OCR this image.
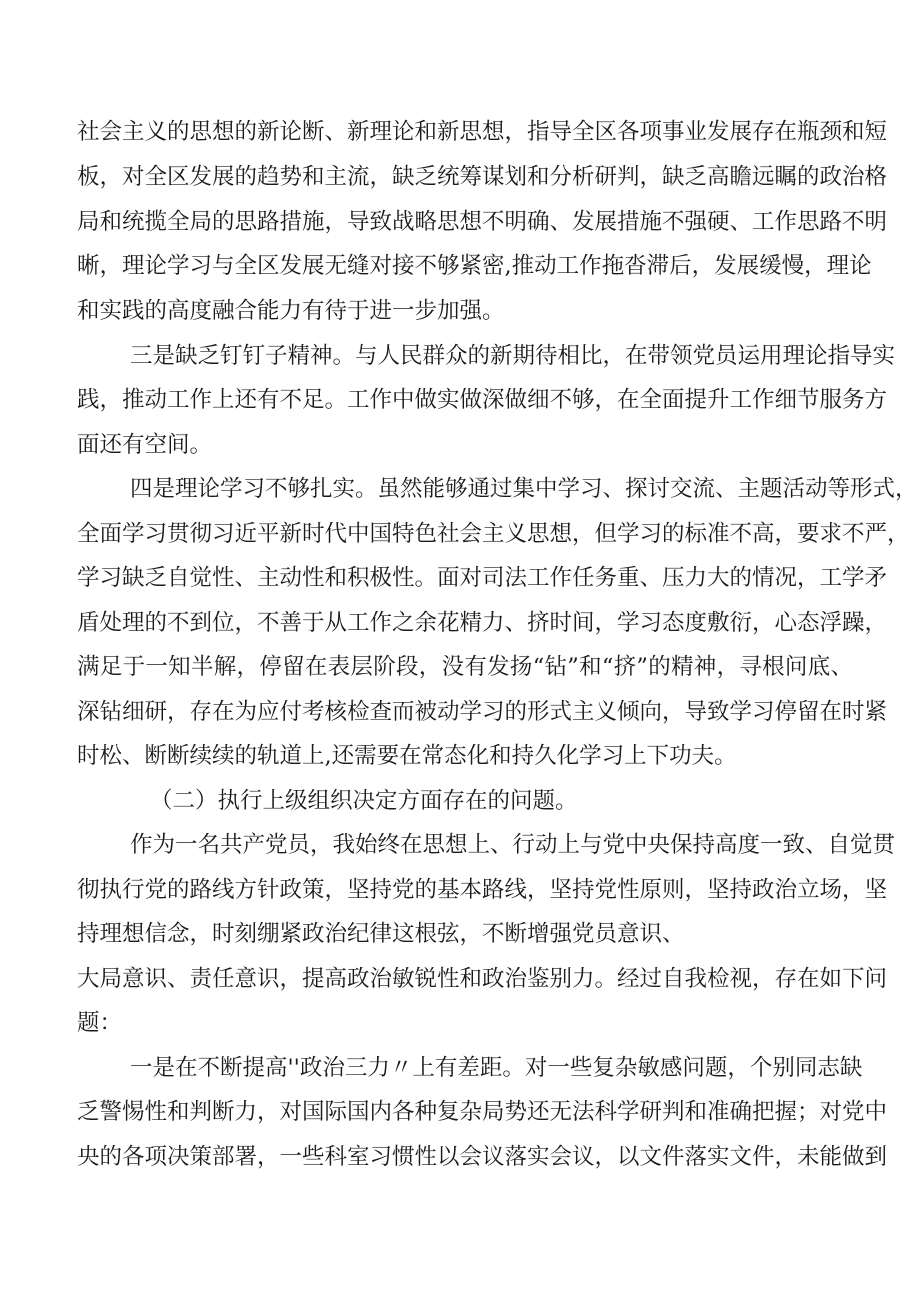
社会主义的思想的新论断、新理论和新思想，指导全区各项事业发展存在瓶颈和短
板，对全区发展的趋势和主流，缺乏统筹谋划和分析研判，缺乏高瞻远瞩的政治格
局和统揽全局的思路措施，导致战略思想不明确、发展措施不强硬、工作思路不明
晰，理论学习与全区发展无缝对接不够紧密,推动工作拖沓滞后，发展缓慢，理论
和实践的高度融合能力有待于进一步加强。
三是缺乏钉钉子精神。与人民群众的新期待相比，在带领党员运用理论指导实
践，推动工作上还有不足。工作中做实做深做细不够，在全面提升工作细节服务方
面还有空间。
四是理论学习不够扎实。虽然能够通过集中学习、探讨交流、主题活动等形式，
全面学习贯彻习近平新时代中国特色社会主义思想，但学习的标准不高，要求不严，
学习缺乏自觉性、主动性和积极性。面对司法工作任务重、压力大的情况，工学矛
盾处理的不到位，不善于从工作之余花精力、挤时间，学习态度敷衍，心态浮躁，
满足于一知半解，停留在表层阶段，没有发扬“钻”和“挤”的精神，寻根问底、
深钻细研，存在为应付考核检查而被动学习的形式主义倾向，导致学习停留在时紧
时松、断断续续的轨道上,还需要在常态化和持久化学习上下功夫。
（二）执行上级组织决定方面存在的问题。
作为一名共产党员，我始终在思想上、行动上与党中央保持高度一致、自觉贯
彻执行党的路线方针政策，坚持党的基本路线，坚持党性原则，坚持政治立场，坚
持理想信念，时刻绷紧政治纪律这根弦，不断增强党员意识、
大局意识、责任意识，提高政治敏锐性和政治鉴别力。经过自我检视，存在如下问
题：
一是在不断提高''政治三力〃上有差距。对一些复杂敏感问题，个别同志缺
乏警惕性和判断力，对国际国内各种复杂局势还无法科学研判和准确把握；对党中
央的各项决策部署，一些科室习惯性以会议落实会议，以文件落实文件，未能做到
